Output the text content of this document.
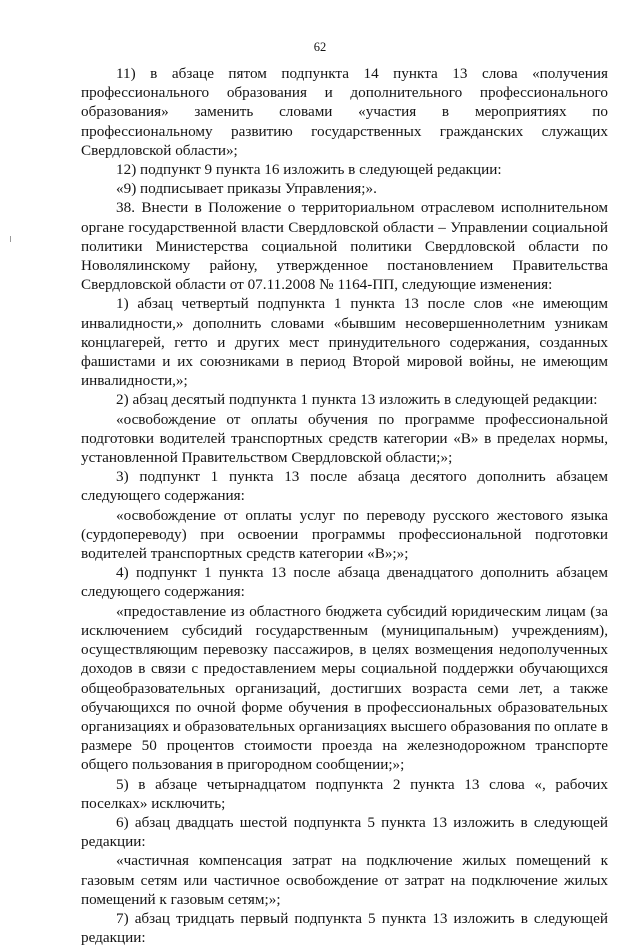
62

11) в абзаце пятом подпункта 14 пункта 13 слова «получения профессионального образования и дополнительного профессионального образования» заменить словами «участия в мероприятиях по профессиональному развитию государственных гражданских служащих Свердловской области»;

12) подпункт 9 пункта 16 изложить в следующей редакции:

«9) подписывает приказы Управления;».

38. Внести в Положение о территориальном отраслевом исполнительном органе государственной власти Свердловской области – Управлении социальной политики Министерства социальной политики Свердловской области по Новолялинскому району, утвержденное постановлением Правительства Свердловской области от 07.11.2008 № 1164-ПП, следующие изменения:

1) абзац четвертый подпункта 1 пункта 13 после слов «не имеющим инвалидности,» дополнить словами «бывшим несовершеннолетним узникам концлагерей, гетто и других мест принудительного содержания, созданных фашистами и их союзниками в период Второй мировой войны, не имеющим инвалидности,»;

2) абзац десятый подпункта 1 пункта 13 изложить в следующей редакции:

«освобождение от оплаты обучения по программе профессиональной подготовки водителей транспортных средств категории «В» в пределах нормы, установленной Правительством Свердловской области;»;

3) подпункт 1 пункта 13 после абзаца десятого дополнить абзацем следующего содержания:

«освобождение от оплаты услуг по переводу русского жестового языка (сурдопереводу) при освоении программы профессиональной подготовки водителей транспортных средств категории «В»;»;

4) подпункт 1 пункта 13 после абзаца двенадцатого дополнить абзацем следующего содержания:

«предоставление из областного бюджета субсидий юридическим лицам (за исключением субсидий государственным (муниципальным) учреждениям), осуществляющим перевозку пассажиров, в целях возмещения недополученных доходов в связи с предоставлением меры социальной поддержки обучающихся общеобразовательных организаций, достигших возраста семи лет, а также обучающихся по очной форме обучения в профессиональных образовательных организациях и образовательных организациях высшего образования по оплате в размере 50 процентов стоимости проезда на железнодорожном транспорте общего пользования в пригородном сообщении;»;

5) в абзаце четырнадцатом подпункта 2 пункта 13 слова «, рабочих поселках» исключить;

6) абзац двадцать шестой подпункта 5 пункта 13 изложить в следующей редакции:

«частичная компенсация затрат на подключение жилых помещений к газовым сетям или частичное освобождение от затрат на подключение жилых помещений к газовым сетям;»;

7) абзац тридцать первый подпункта 5 пункта 13 изложить в следующей редакции:
